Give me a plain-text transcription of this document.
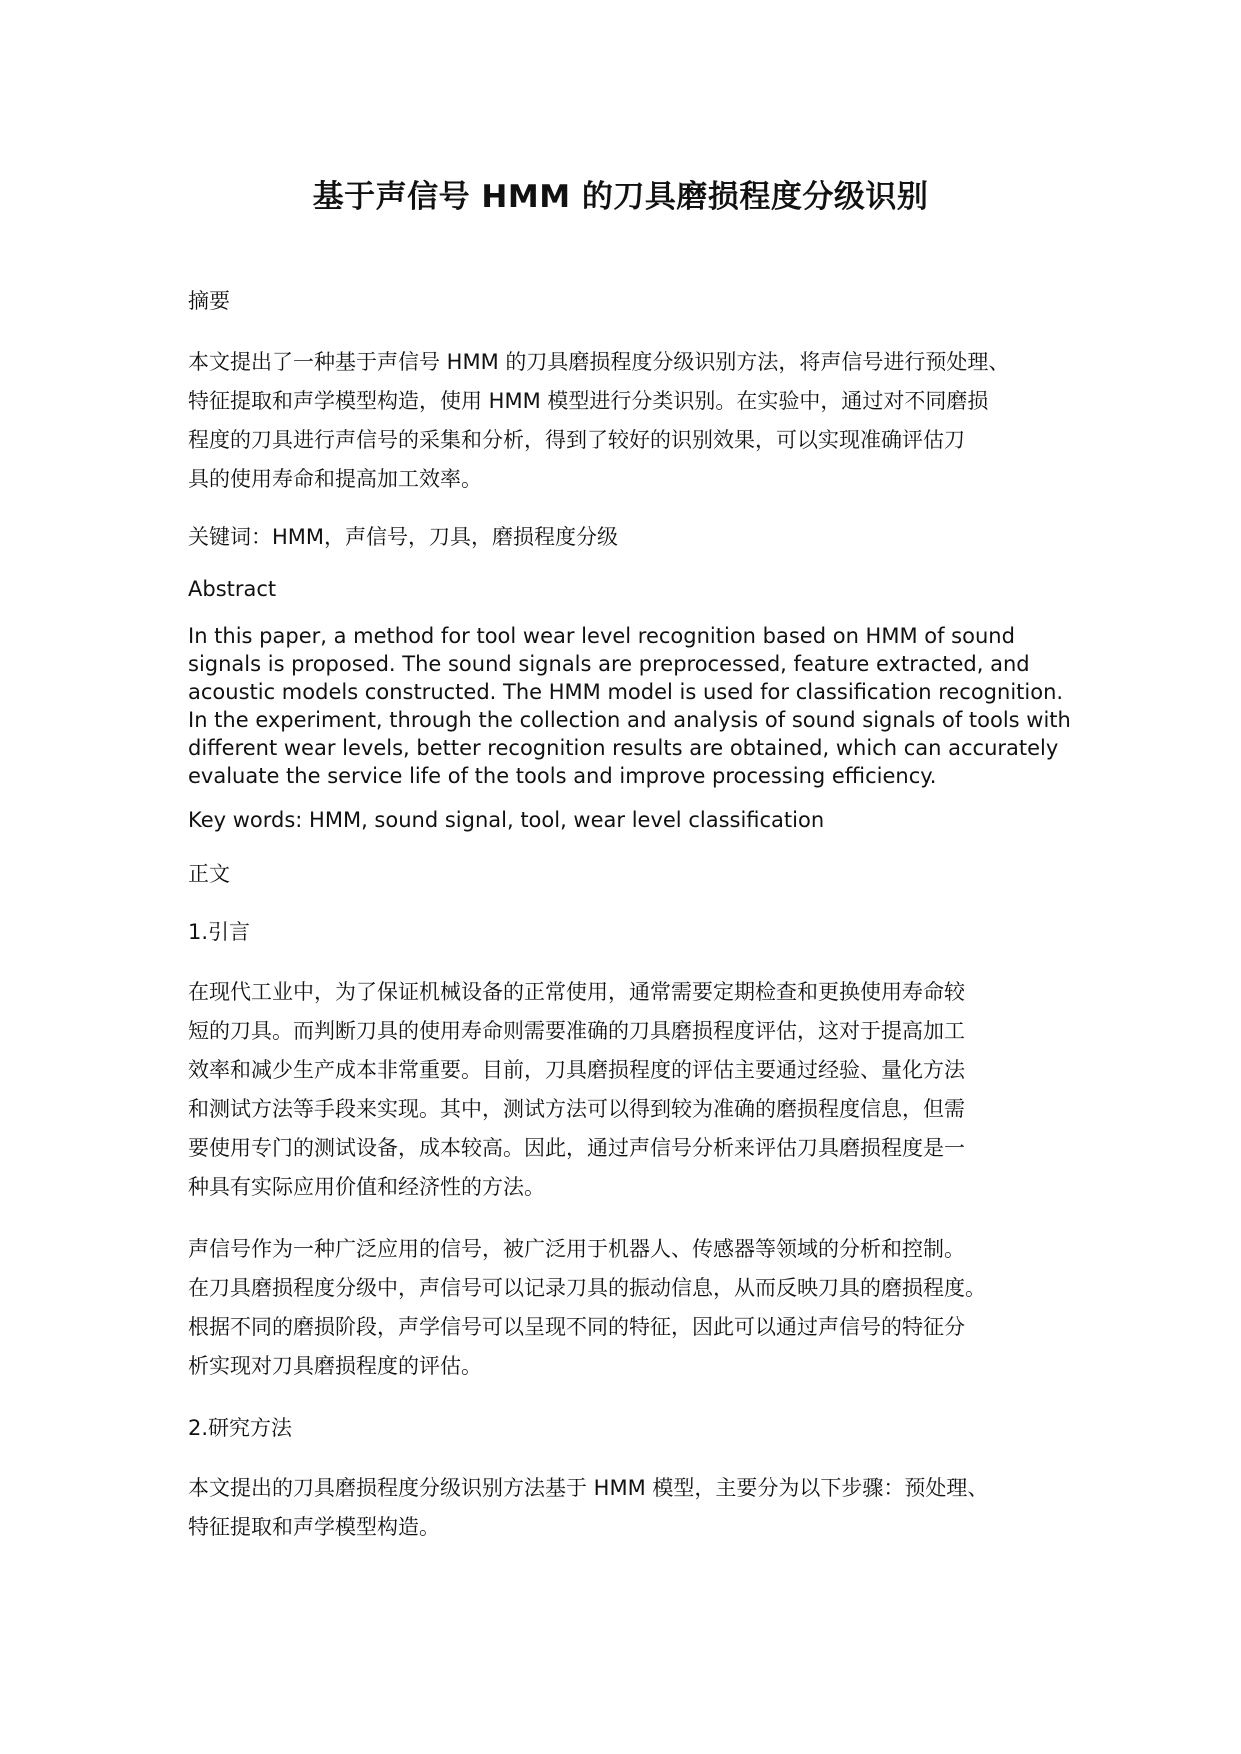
基于声信号 HMM 的刀具磨损程度分级识别
摘要
本文提出了一种基于声信号 HMM 的刀具磨损程度分级识别方法，将声信号进行预处理、
特征提取和声学模型构造，使用 HMM 模型进行分类识别。在实验中，通过对不同磨损
程度的刀具进行声信号的采集和分析，得到了较好的识别效果，可以实现准确评估刀
具的使用寿命和提高加工效率。
关键词：HMM，声信号，刀具，磨损程度分级
Abstract
In this paper, a method for tool wear level recognition based on HMM of sound
signals is proposed. The sound signals are preprocessed, feature extracted, and
acoustic models constructed. The HMM model is used for classification recognition.
In the experiment, through the collection and analysis of sound signals of tools with
different wear levels, better recognition results are obtained, which can accurately
evaluate the service life of the tools and improve processing efficiency.
Key words: HMM, sound signal, tool, wear level classification
正文
1.引言
在现代工业中，为了保证机械设备的正常使用，通常需要定期检查和更换使用寿命较
短的刀具。而判断刀具的使用寿命则需要准确的刀具磨损程度评估，这对于提高加工
效率和减少生产成本非常重要。目前，刀具磨损程度的评估主要通过经验、量化方法
和测试方法等手段来实现。其中，测试方法可以得到较为准确的磨损程度信息，但需
要使用专门的测试设备，成本较高。因此，通过声信号分析来评估刀具磨损程度是一
种具有实际应用价值和经济性的方法。
声信号作为一种广泛应用的信号，被广泛用于机器人、传感器等领域的分析和控制。
在刀具磨损程度分级中，声信号可以记录刀具的振动信息，从而反映刀具的磨损程度。
根据不同的磨损阶段，声学信号可以呈现不同的特征，因此可以通过声信号的特征分
析实现对刀具磨损程度的评估。
2.研究方法
本文提出的刀具磨损程度分级识别方法基于 HMM 模型，主要分为以下步骤：预处理、
特征提取和声学模型构造。
